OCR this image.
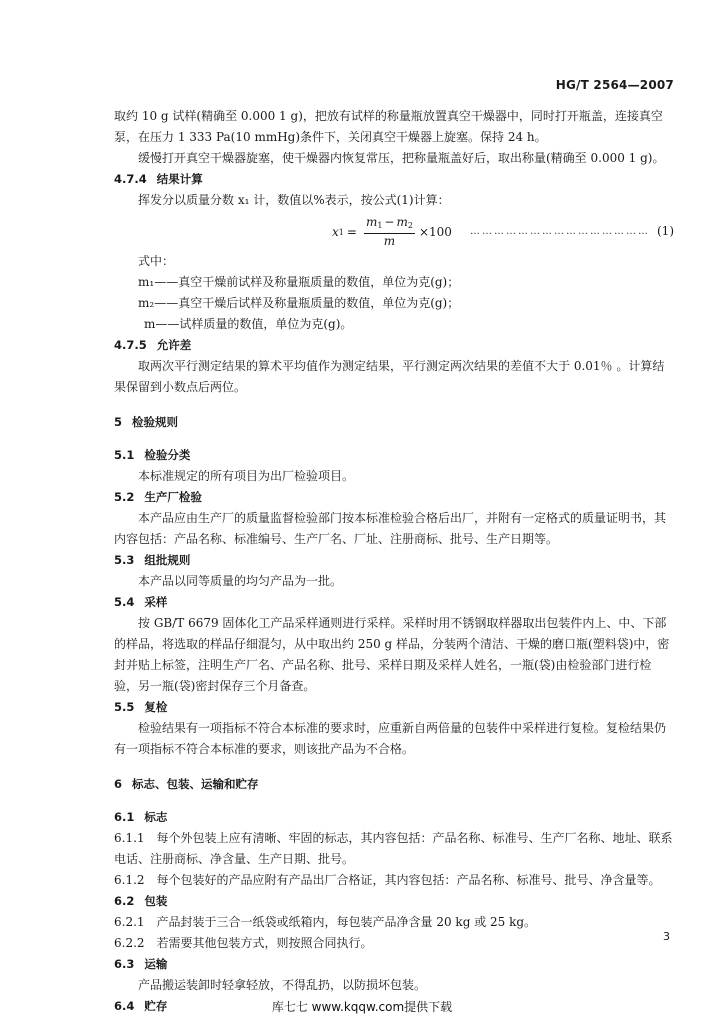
HG/T 2564—2007

取约 10 g 试样(精确至 0.000 1 g)，把放有试样的称量瓶放置真空干燥器中，同时打开瓶盖，连接真空泵，在压力 1 333 Pa(10 mmHg)条件下，关闭真空干燥器上旋塞。保持 24 h。

缓慢打开真空干燥器旋塞，使干燥器内恢复常压，把称量瓶盖好后，取出称量(精确至 0.000 1 g)。

4.7.4 结果计算

挥发分以质量分数 x₁ 计，数值以%表示，按公式(1)计算：

x $1 = \frac{m_1 - m_2}{m} \times 100$ ……………………………………… (1)

式中：

m₁——真空干燥前试样及称量瓶质量的数值，单位为克(g)；

m₂——真空干燥后试样及称量瓶质量的数值，单位为克(g)；

m——试样质量的数值，单位为克(g)。

4.7.5 允许差

取两次平行测定结果的算术平均值作为测定结果，平行测定两次结果的差值不大于 0.01％ 。计算结果保留到小数点后两位。

5 检验规则
5.1 检验分类

本标准规定的所有项目为出厂检验项目。

5.2 生产厂检验

本产品应由生产厂的质量监督检验部门按本标准检验合格后出厂，并附有一定格式的质量证明书，其内容包括：产品名称、标准编号、生产厂名、厂址、注册商标、批号、生产日期等。

5.3 组批规则

本产品以同等质量的均匀产品为一批。

5.4 采样

按 GB/T 6679 固体化工产品采样通则进行采样。采样时用不锈钢取样器取出包装件内上、中、下部的样品，将选取的样品仔细混匀，从中取出约 250 g 样品，分装两个清洁、干燥的磨口瓶(塑料袋)中，密封并贴上标签，注明生产厂名、产品名称、批号、采样日期及采样人姓名，一瓶(袋)由检验部门进行检验，另一瓶(袋)密封保存三个月备查。

5.5 复检

检验结果有一项指标不符合本标准的要求时，应重新自两倍量的包装件中采样进行复检。复检结果仍有一项指标不符合本标准的要求，则该批产品为不合格。

6 标志、包装、运输和贮存
6.1 标志

6.1.1　每个外包装上应有清晰、牢固的标志，其内容包括：产品名称、标准号、生产厂名称、地址、联系电话、注册商标、净含量、生产日期、批号。

6.1.2　每个包装好的产品应附有产品出厂合格证，其内容包括：产品名称、标准号、批号、净含量等。

6.2 包装

6.2.1　产品封装于三合一纸袋或纸箱内，每包装产品净含量 20 kg 或 25 kg。

6.2.2　若需要其他包装方式，则按照合同执行。

6.3 运输

产品搬运装卸时轻拿轻放，不得乱扔，以防损坏包装。

6.4 贮存
3
库七七 www.kqqw.com提供下载
